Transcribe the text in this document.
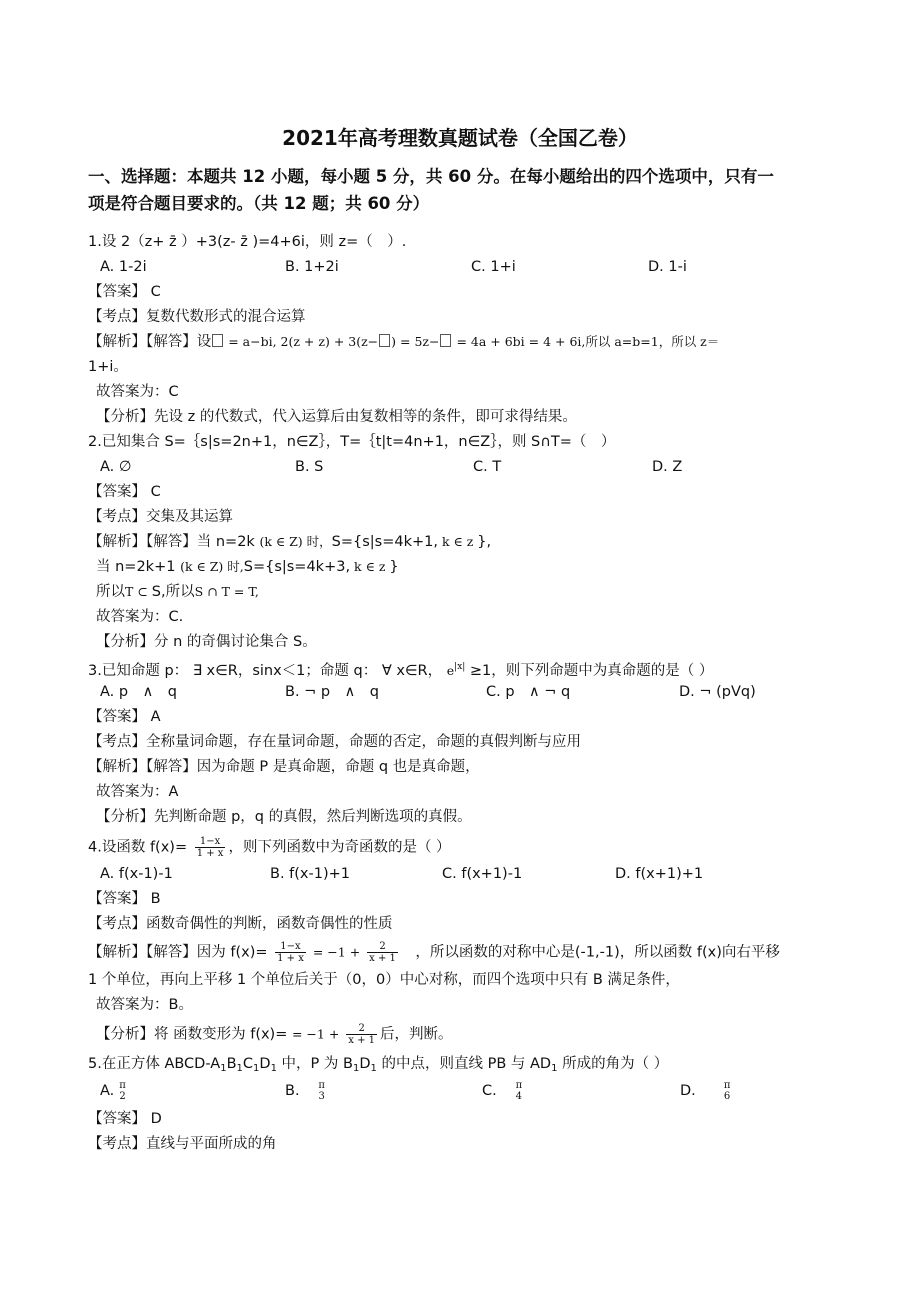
2021年高考理数真题试卷（全国乙卷）
一、选择题：本题共 12 小题，每小题 5 分，共 60 分。在每小题给出的四个选项中，只有一
项是符合题目要求的。（共 12 题；共 60 分）
1.设 2（z+ z̄ ）+3(z- z̄ )=4+6i，则 z=（　）.
A. 1-2i	B. 1+2i	C. 1+i	D. 1-i
【答案】 C
【考点】复数代数形式的混合运算
【解析】【解答】设 = a−bi, 2(z + z) + 3(z− ) = 5z− = 4a + 6bi = 4 + 6i,所以 a=b=1，所以 z＝
1+i。
故答案为：C
【分析】先设 z 的代数式，代入运算后由复数相等的条件，即可求得结果。
2.已知集合 S=｛s|s=2n+1，n∈Z｝，T=｛t|t=4n+1，n∈Z｝，则 S∩T=（　）
A. ∅	B. S	C. T	D. Z
【答案】 C
【考点】交集及其运算
【解析】【解答】当 n=2k (k ∈ Z) 时，S={s|s=4k+1, k ∈ z },
当 n=2k+1 (k ∈ Z) 时,S={s|s=4k+3, k ∈ z }
所以T ⊂ S,所以S ∩ T = T,
故答案为：C.
【分析】分 n 的奇偶讨论集合 S。
3.已知命题 p： ∃ x∈R，sinx＜1；命题 q： ∀ x∈R， $e^{|x|} \ge 1$，则下列命题中为真命题的是（ ）
A. p　∧　q	B. ¬ p　∧　q	C. p　∧ ¬ q	D. ¬ (pVq)
【答案】 A
【考点】全称量词命题，存在量词命题，命题的否定，命题的真假判断与应用
【解析】【解答】因为命题 P 是真命题，命题 q 也是真命题，
故答案为：A
【分析】先判断命题 p，q 的真假，然后判断选项的真假。
4.设函数 $f(x)= \frac{1-x}{1 + x}$ ，则下列函数中为奇函数的是（ ）
A. f(x-1)-1	B. f(x-1)+1	C. f(x+1)-1	D. f(x+1)+1
【答案】 B
【考点】函数奇偶性的判断，函数奇偶性的性质
【解析】【解答】因为 $f(x)= \frac{1-x}{1 + x} = -1 + \frac{2}{x + 1}$ 　，所以函数的对称中心是(-1,-1)，所以函数 f(x)向右平移
1 个单位，再向上平移 1 个单位后关于（0，0）中心对称，而四个选项中只有 B 满足条件，
故答案为：B。
【分析】将 函数变形为 $f(x)= = -1 + \frac{2}{x + 1}$ 后，判断。
5.在正方体 ABCD-$A_1B_1C_1D_1$ 中，P 为 $B_1D_1$ 的中点，则直线 PB 与 $AD_1$ 所成的角为（ ）
A. π
2	B. π
3	C. π
4	D.	π
6
【答案】 D
【考点】直线与平面所成的角
